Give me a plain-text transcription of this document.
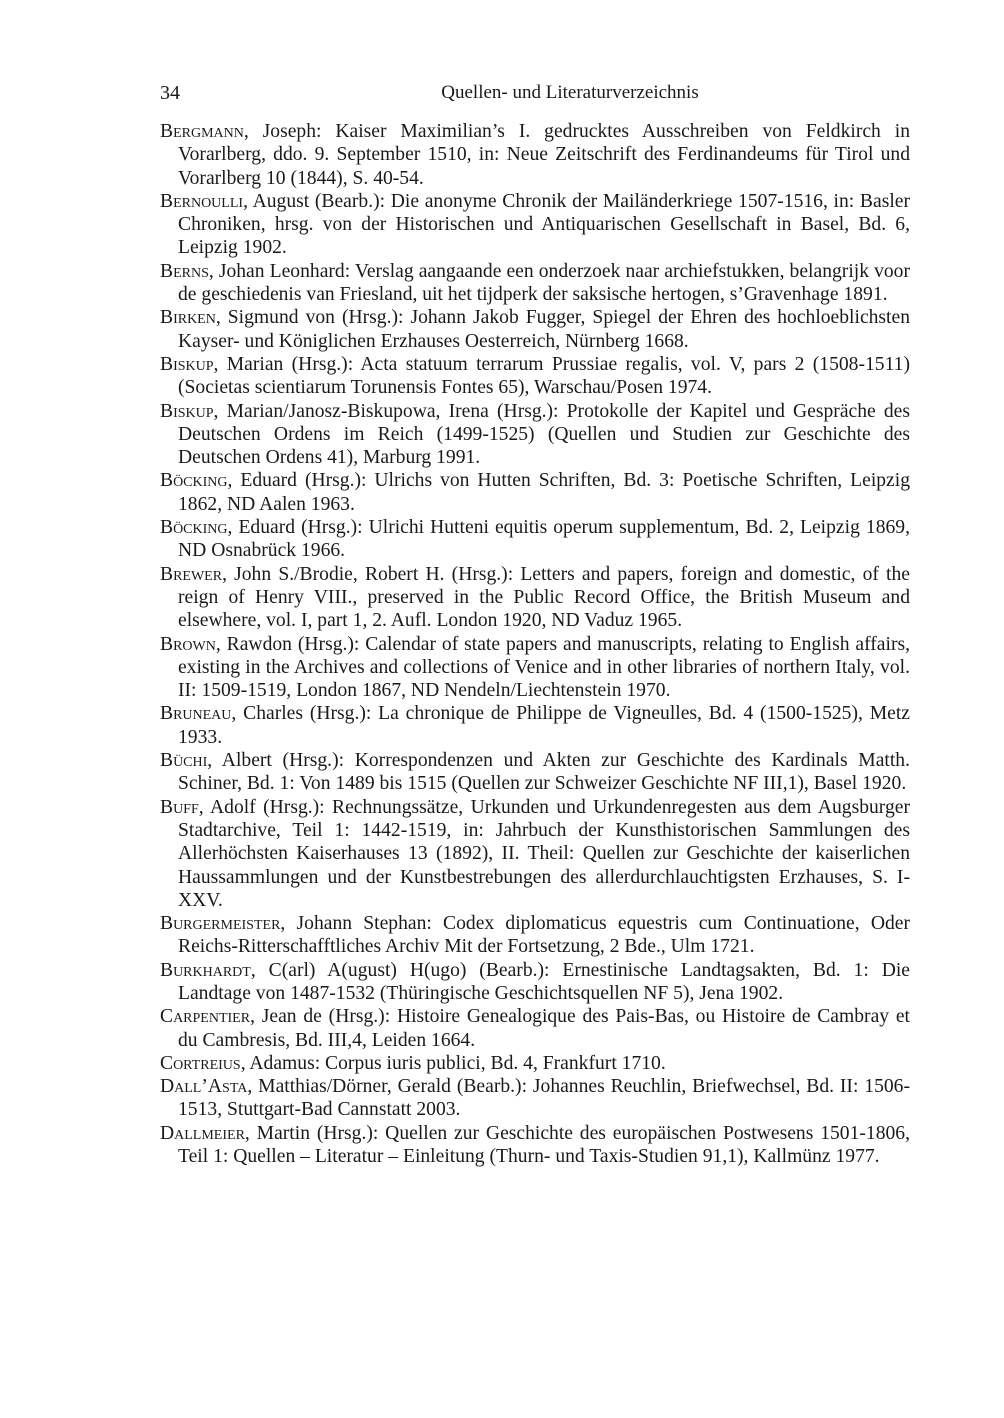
34	Quellen- und Literaturverzeichnis
Bergmann, Joseph: Kaiser Maximilian’s I. gedrucktes Ausschreiben von Feldkirch in Vorarlberg, ddo. 9. September 1510, in: Neue Zeitschrift des Ferdinandeums für Tirol und Vorarlberg 10 (1844), S. 40-54.
Bernoulli, August (Bearb.): Die anonyme Chronik der Mailänderkriege 1507-1516, in: Basler Chroniken, hrsg. von der Historischen und Antiquarischen Gesellschaft in Basel, Bd. 6, Leipzig 1902.
Berns, Johan Leonhard: Verslag aangaande een onderzoek naar archiefstukken, belangrijk voor de geschiedenis van Friesland, uit het tijdperk der saksische hertogen, s’Gravenhage 1891.
Birken, Sigmund von (Hrsg.): Johann Jakob Fugger, Spiegel der Ehren des hochloeblichsten Kayser- und Königlichen Erzhauses Oesterreich, Nürnberg 1668.
Biskup, Marian (Hrsg.): Acta statuum terrarum Prussiae regalis, vol. V, pars 2 (1508-1511) (Societas scientiarum Torunensis Fontes 65), Warschau/Posen 1974.
Biskup, Marian/Janosz-Biskupowa, Irena (Hrsg.): Protokolle der Kapitel und Gespräche des Deutschen Ordens im Reich (1499-1525) (Quellen und Studien zur Geschichte des Deutschen Ordens 41), Marburg 1991.
Böcking, Eduard (Hrsg.): Ulrichs von Hutten Schriften, Bd. 3: Poetische Schriften, Leipzig 1862, ND Aalen 1963.
Böcking, Eduard (Hrsg.): Ulrichi Hutteni equitis operum supplementum, Bd. 2, Leipzig 1869, ND Osnabrück 1966.
Brewer, John S./Brodie, Robert H. (Hrsg.): Letters and papers, foreign and domestic, of the reign of Henry VIII., preserved in the Public Record Office, the British Museum and elsewhere, vol. I, part 1, 2. Aufl. London 1920, ND Vaduz 1965.
Brown, Rawdon (Hrsg.): Calendar of state papers and manuscripts, relating to English affairs, existing in the Archives and collections of Venice and in other libraries of northern Italy, vol. II: 1509-1519, London 1867, ND Nendeln/Liechtenstein 1970.
Bruneau, Charles (Hrsg.): La chronique de Philippe de Vigneulles, Bd. 4 (1500-1525), Metz 1933.
Büchi, Albert (Hrsg.): Korrespondenzen und Akten zur Geschichte des Kardinals Matth. Schiner, Bd. 1: Von 1489 bis 1515 (Quellen zur Schweizer Geschichte NF III,1), Basel 1920.
Buff, Adolf (Hrsg.): Rechnungssätze, Urkunden und Urkundenregesten aus dem Augsburger Stadtarchive, Teil 1: 1442-1519, in: Jahrbuch der Kunsthistorischen Sammlungen des Allerhöchsten Kaiserhauses 13 (1892), II. Theil: Quellen zur Geschichte der kaiserlichen Haussammlungen und der Kunstbestrebungen des allerdurchlauchtigsten Erzhauses, S. I-XXV.
Burgermeister, Johann Stephan: Codex diplomaticus equestris cum Continuatione, Oder Reichs-Ritterschafftliches Archiv Mit der Fortsetzung, 2 Bde., Ulm 1721.
Burkhardt, C(arl) A(ugust) H(ugo) (Bearb.): Ernestinische Landtagsakten, Bd. 1: Die Landtage von 1487-1532 (Thüringische Geschichtsquellen NF 5), Jena 1902.
Carpentier, Jean de (Hrsg.): Histoire Genealogique des Pais-Bas, ou Histoire de Cambray et du Cambresis, Bd. III,4, Leiden 1664.
Cortreius, Adamus: Corpus iuris publici, Bd. 4, Frankfurt 1710.
Dall’Asta, Matthias/Dörner, Gerald (Bearb.): Johannes Reuchlin, Briefwechsel, Bd. II: 1506-1513, Stuttgart-Bad Cannstatt 2003.
Dallmeier, Martin (Hrsg.): Quellen zur Geschichte des europäischen Postwesens 1501-1806, Teil 1: Quellen – Literatur – Einleitung (Thurn- und Taxis-Studien 91,1), Kallmünz 1977.
